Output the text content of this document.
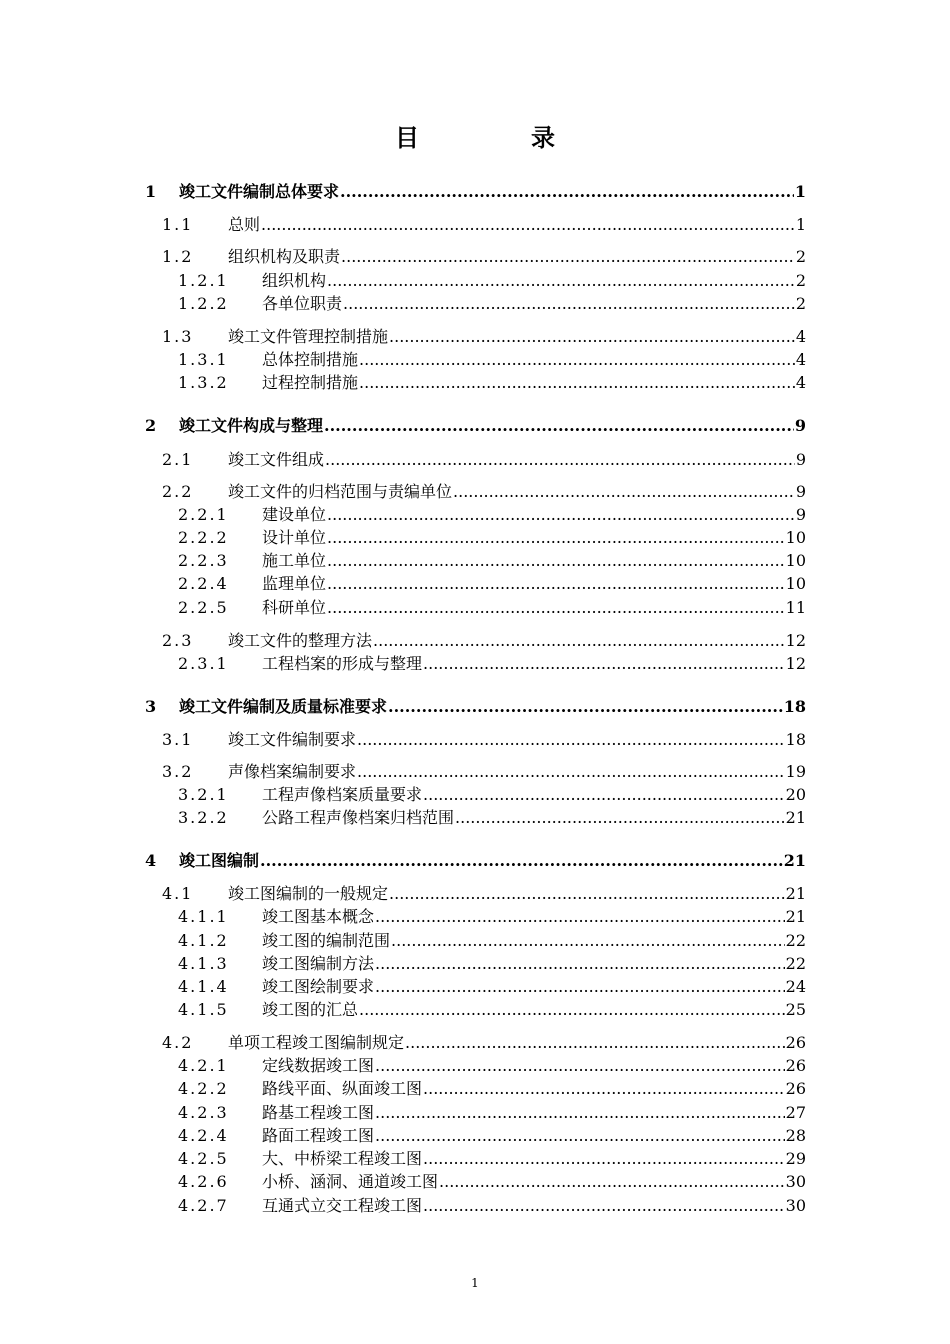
目　录
1	竣工文件编制总体要求 .....	1
1.1	总则 .....	1
1.2	组织机构及职责 .....	2
1.2.1	组织机构 .....	2
1.2.2	各单位职责 .....	2
1.3	竣工文件管理控制措施 .....	4
1.3.1	总体控制措施 .....	4
1.3.2	过程控制措施 .....	4
2	竣工文件构成与整理 .....	9
2.1	竣工文件组成 .....	9
2.2	竣工文件的归档范围与责编单位 .....	9
2.2.1	建设单位 .....	9
2.2.2	设计单位 .....	10
2.2.3	施工单位 .....	10
2.2.4	监理单位 .....	10
2.2.5	科研单位 .....	11
2.3	竣工文件的整理方法 .....	12
2.3.1	工程档案的形成与整理 .....	12
3	竣工文件编制及质量标准要求 .....	18
3.1	竣工文件编制要求 .....	18
3.2	声像档案编制要求 .....	19
3.2.1	工程声像档案质量要求 .....	20
3.2.2	公路工程声像档案归档范围 .....	21
4	竣工图编制 .....	21
4.1	竣工图编制的一般规定 .....	21
4.1.1	竣工图基本概念 .....	21
4.1.2	竣工图的编制范围 .....	22
4.1.3	竣工图编制方法 .....	22
4.1.4	竣工图绘制要求 .....	24
4.1.5	竣工图的汇总 .....	25
4.2	单项工程竣工图编制规定 .....	26
4.2.1	定线数据竣工图 .....	26
4.2.2	路线平面、纵面竣工图 .....	26
4.2.3	路基工程竣工图 .....	27
4.2.4	路面工程竣工图 .....	28
4.2.5	大、中桥梁工程竣工图 .....	29
4.2.6	小桥、涵洞、通道竣工图 .....	30
4.2.7	互通式立交工程竣工图 .....	30
1
